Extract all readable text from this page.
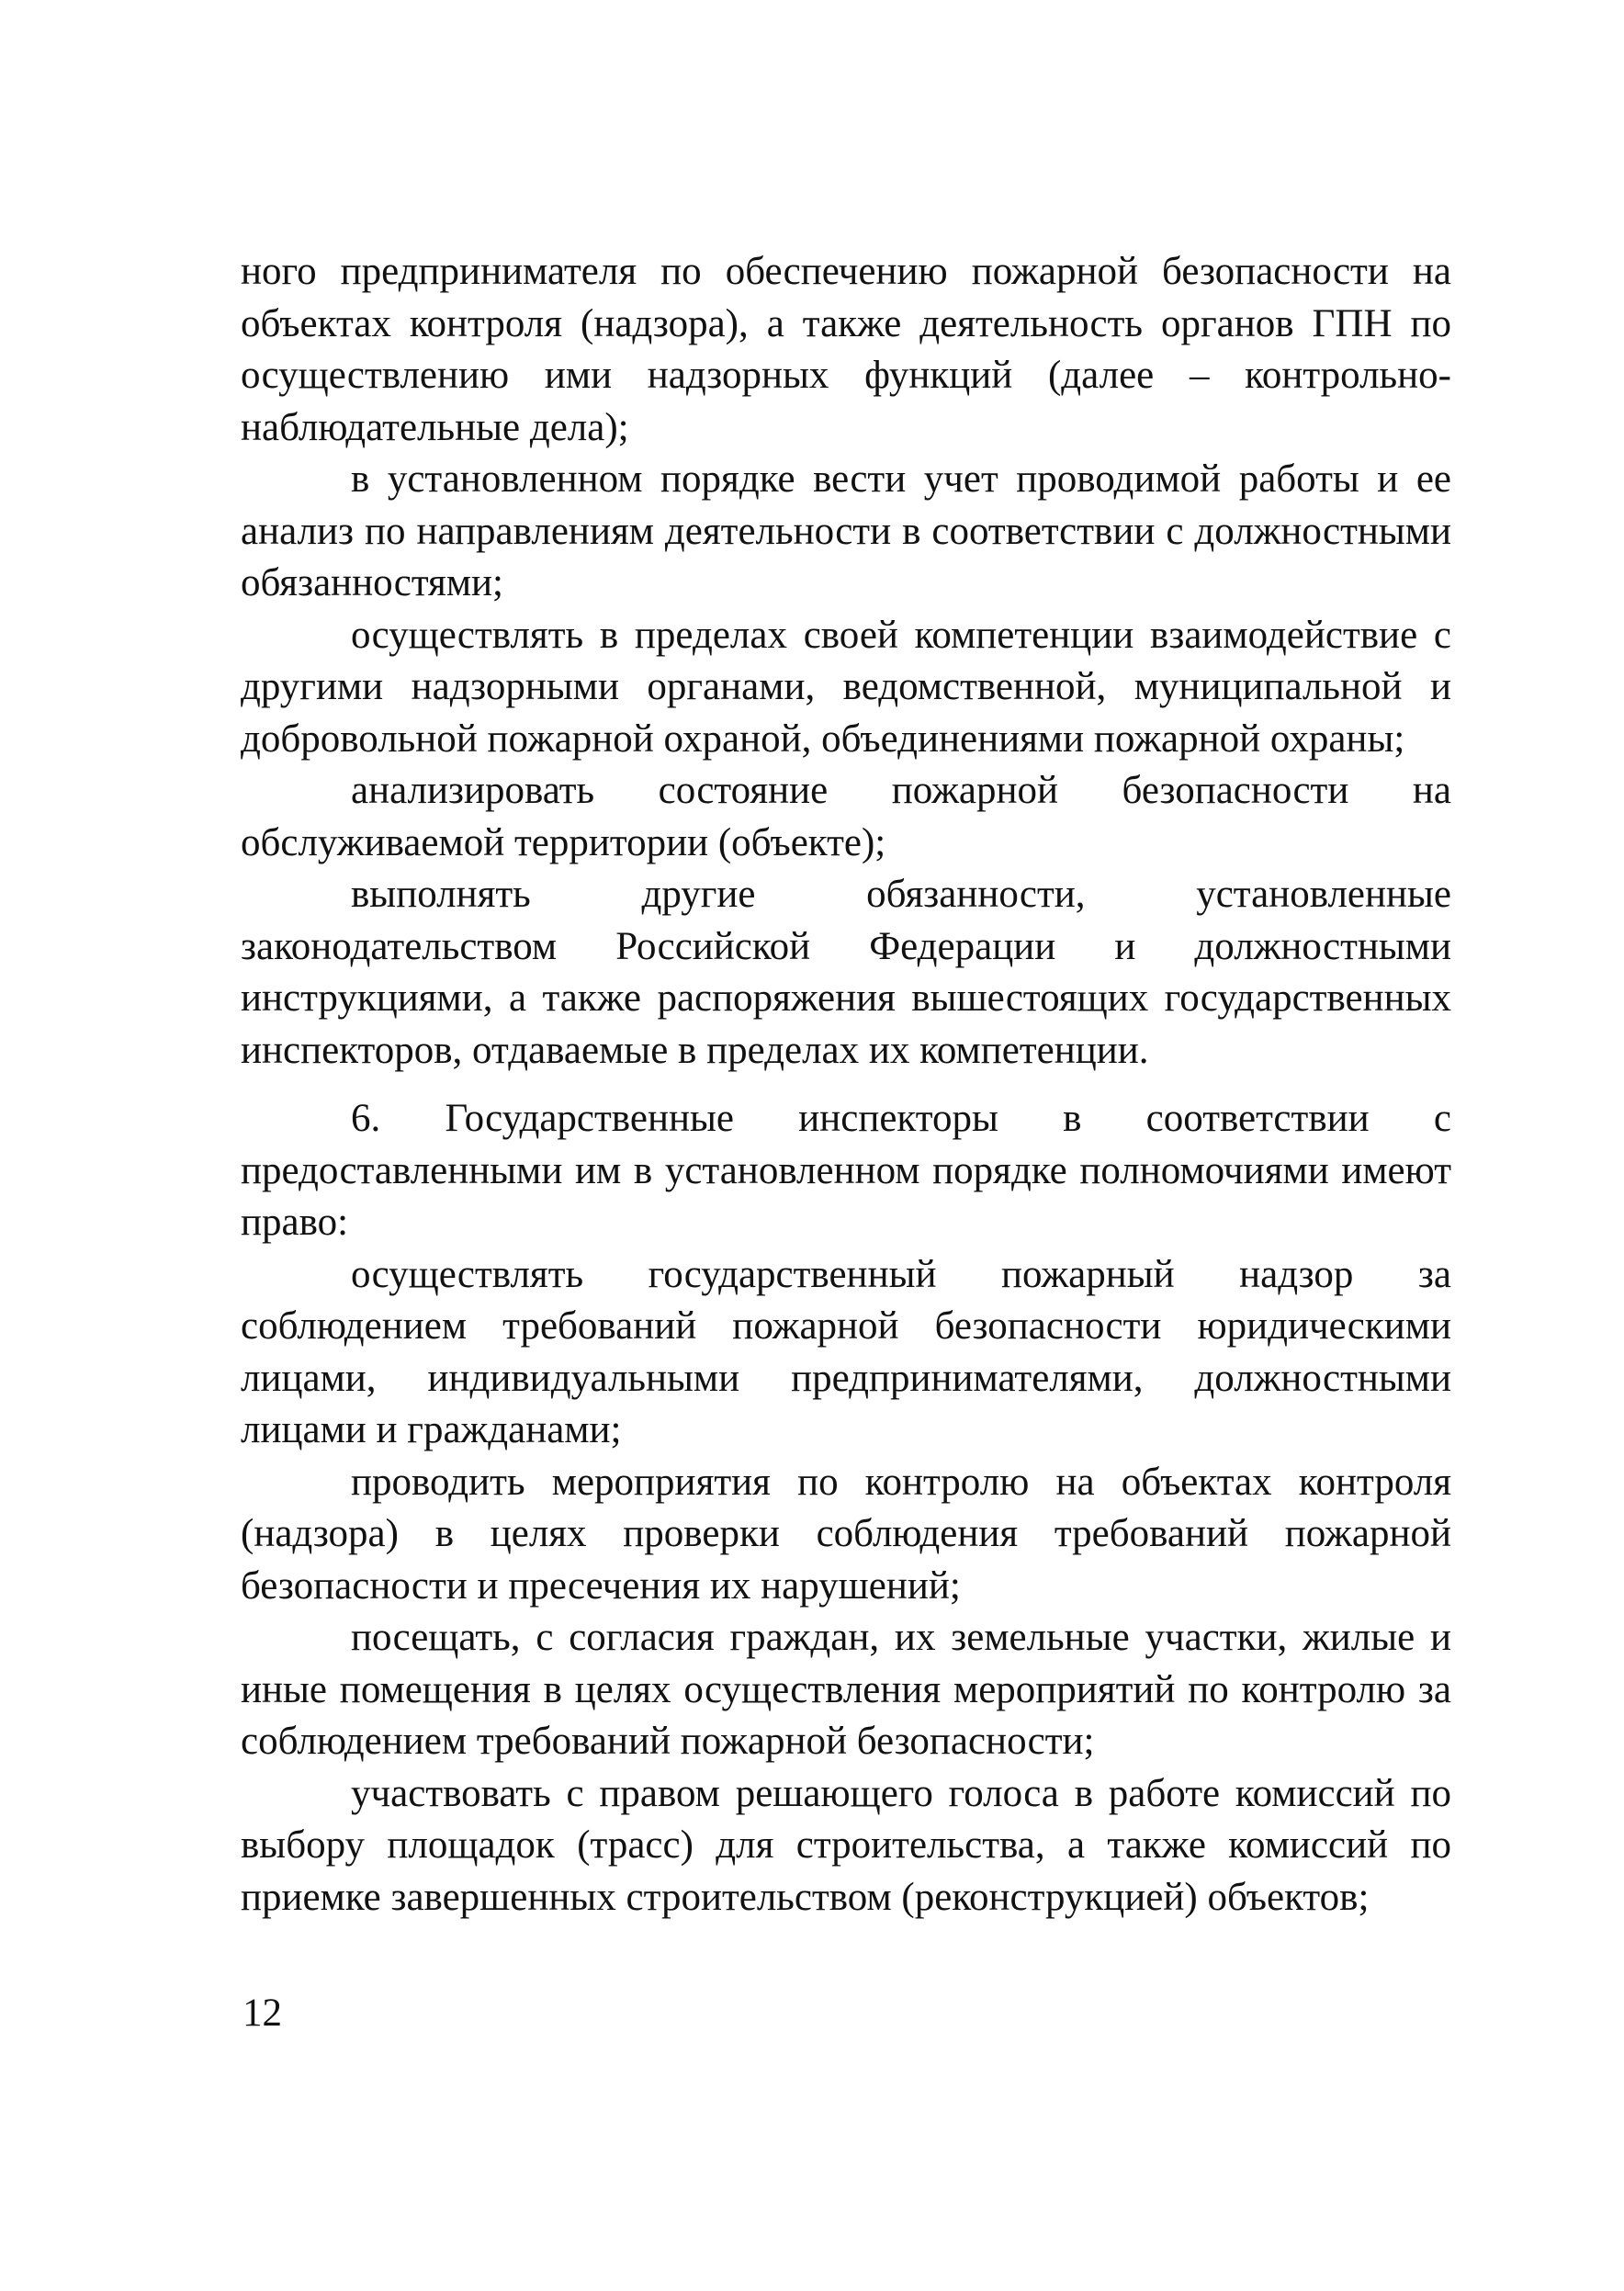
ного предпринимателя по обеспечению пожарной безопасности на объектах контроля (надзора), а также деятельность органов ГПН по осуществлению ими надзорных функций (далее – контрольно-наблюдательные дела);

в установленном порядке вести учет проводимой работы и ее анализ по направлениям деятельности в соответствии с должностными обязанностями;

осуществлять в пределах своей компетенции взаимодействие с другими надзорными органами, ведомственной, муниципальной и добровольной пожарной охраной, объединениями пожарной охраны;

анализировать состояние пожарной безопасности на обслуживаемой территории (объекте);

выполнять другие обязанности, установленные законодательством Российской Федерации и должностными инструкциями, а также распоряжения вышестоящих государственных инспекторов, отдаваемые в пределах их компетенции.

6. Государственные инспекторы в соответствии с предоставленными им в установленном порядке полномочиями имеют право:

осуществлять государственный пожарный надзор за соблюдением требований пожарной безопасности юридическими лицами, индивидуальными предпринимателями, должностными лицами и гражданами;

проводить мероприятия по контролю на объектах контроля (надзора) в целях проверки соблюдения требований пожарной безопасности и пресечения их нарушений;

посещать, с согласия граждан, их земельные участки, жилые и иные помещения в целях осуществления мероприятий по контролю за соблюдением требований пожарной безопасности;

участвовать с правом решающего голоса в работе комиссий по выбору площадок (трасс) для строительства, а также комиссий по приемке завершенных строительством (реконструкцией) объектов;

12
